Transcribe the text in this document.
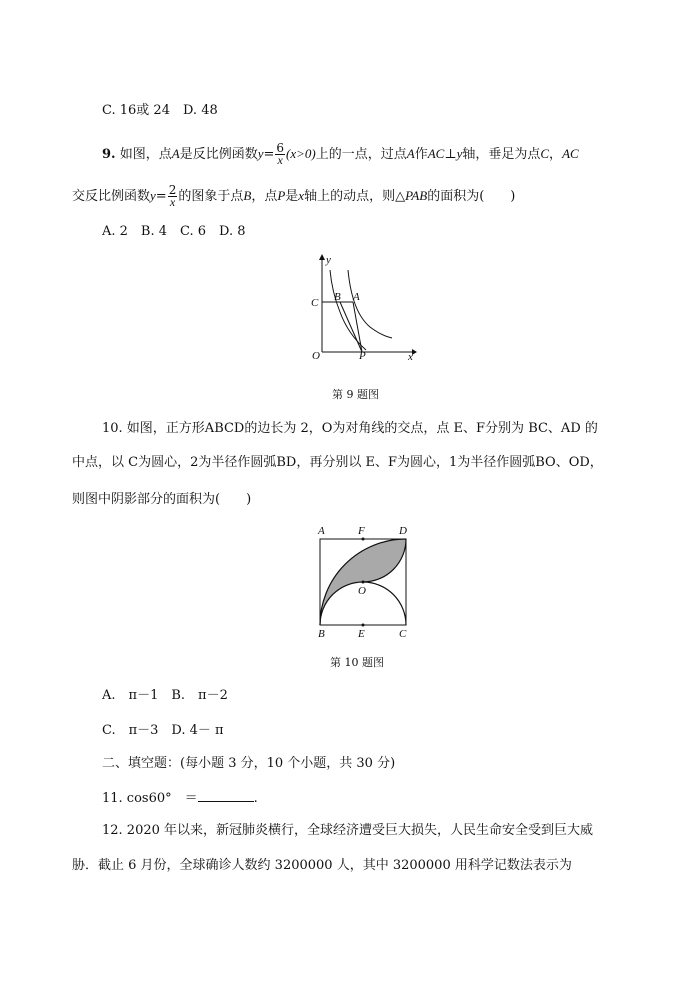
C. 16或 24　D. 48
9. 如图，点A是反比例函数$y= \frac{6}{x} (x>0)$上的一点，过点A作AC⊥y轴，垂足为点C，AC
交反比例函数$y= \frac{2}{x}$ 的图象于点B，点P是x轴上的动点，则△PAB的面积为(　　)
A. 2　B. 4　C. 6　D. 8
y
x
O
C B A
P
第 9 题图
10. 如图，正方形ABCD的边长为 2，O为对角线的交点，点 E、F分别为 BC、AD 的
中点，以 C为圆心，2为半径作圆弧BD，再分别以 E、F为圆心，1为半径作圆弧BO、OD，
则图中阴影部分的面积为(　　)
A	F	D
O
B	E	C
第 10 题图
A.　π－1　B.　π－2
C.　π－3　D. 4－ π
二、填空题：(每小题 3 分，10 个小题，共 30 分)
11. cos60°　＝	.
12. 2020 年以来，新冠肺炎横行，全球经济遭受巨大损失，人民生命安全受到巨大威
胁．截止 6 月份，全球确诊人数约 3200000 人，其中 3200000 用科学记数法表示为
